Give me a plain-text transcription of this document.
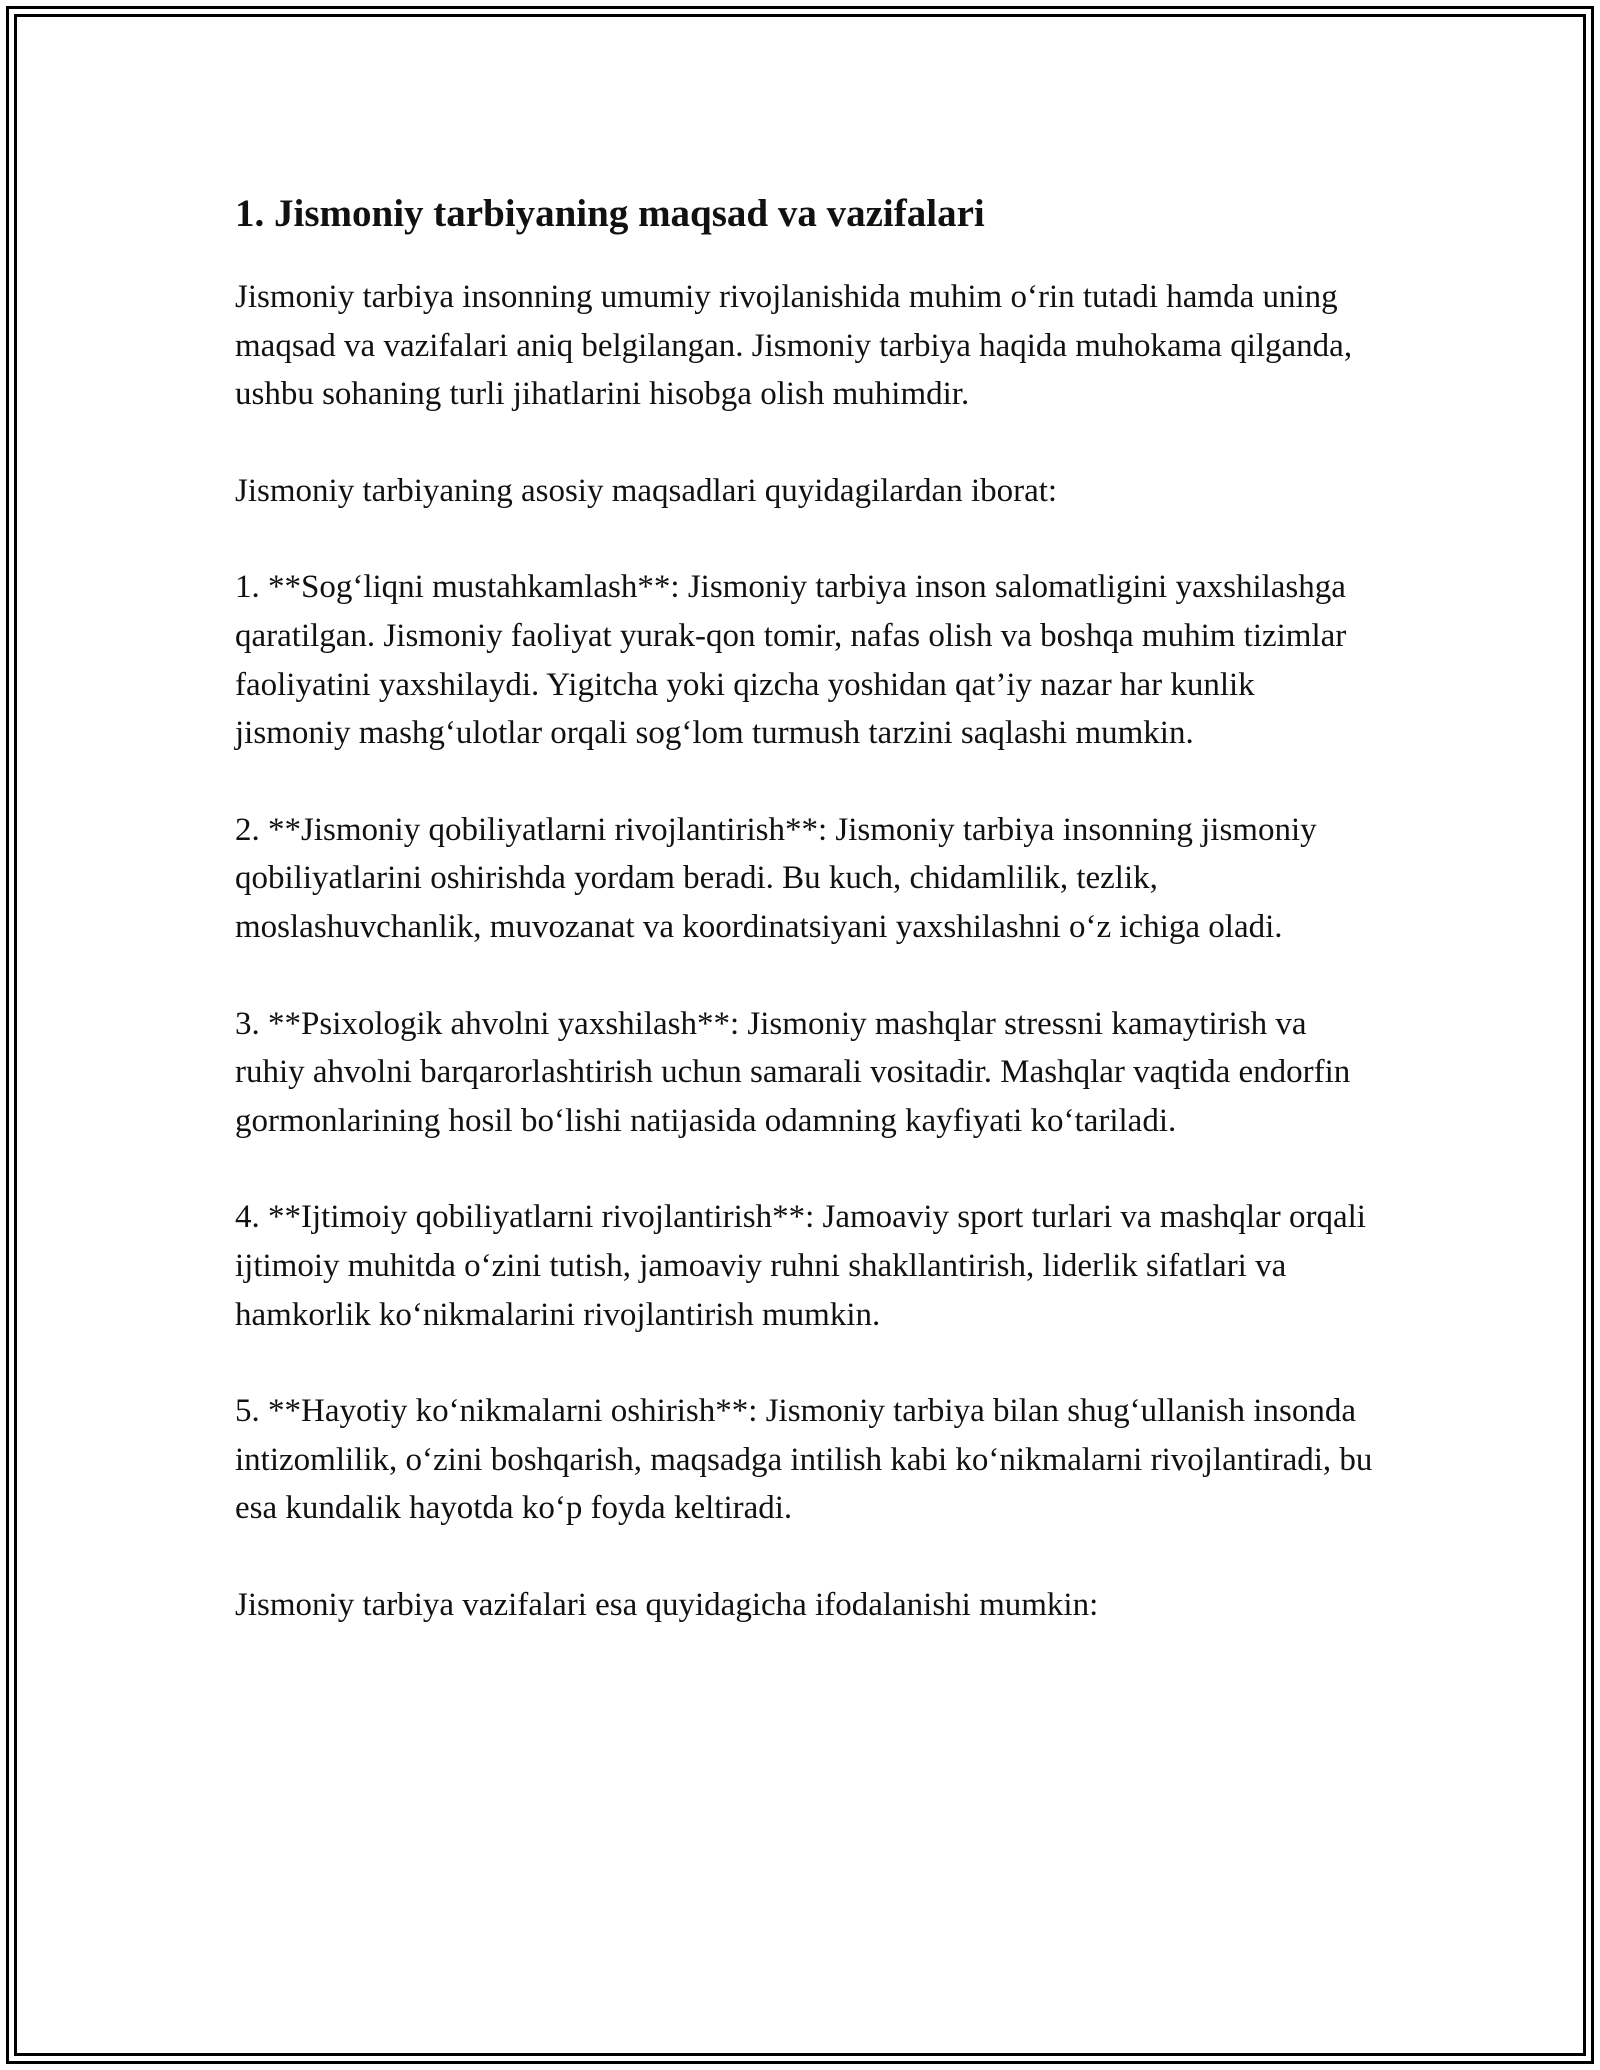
1. Jismoniy tarbiyaning maqsad va vazifalari

Jismoniy tarbiya insonning umumiy rivojlanishida muhim o‘rin tutadi hamda uning maqsad va vazifalari aniq belgilangan. Jismoniy tarbiya haqida muhokama qilganda, ushbu sohaning turli jihatlarini hisobga olish muhimdir.

Jismoniy tarbiyaning asosiy maqsadlari quyidagilardan iborat:

1. **Sog‘liqni mustahkamlash**: Jismoniy tarbiya inson salomatligini yaxshilashga qaratilgan. Jismoniy faoliyat yurak-qon tomir, nafas olish va boshqa muhim tizimlar faoliyatini yaxshilaydi. Yigitcha yoki qizcha yoshidan qat’iy nazar har kunlik jismoniy mashg‘ulotlar orqali sog‘lom turmush tarzini saqlashi mumkin.

2. **Jismoniy qobiliyatlarni rivojlantirish**: Jismoniy tarbiya insonning jismoniy qobiliyatlarini oshirishda yordam beradi. Bu kuch, chidamlilik, tezlik, moslashuvchanlik, muvozanat va koordinatsiyani yaxshilashni o‘z ichiga oladi.

3. **Psixologik ahvolni yaxshilash**: Jismoniy mashqlar stressni kamaytirish va ruhiy ahvolni barqarorlashtirish uchun samarali vositadir. Mashqlar vaqtida endorfin gormonlarining hosil bo‘lishi natijasida odamning kayfiyati ko‘tariladi.

4. **Ijtimoiy qobiliyatlarni rivojlantirish**: Jamoaviy sport turlari va mashqlar orqali ijtimoiy muhitda o‘zini tutish, jamoaviy ruhni shakllantirish, liderlik sifatlari va hamkorlik ko‘nikmalarini rivojlantirish mumkin.

5. **Hayotiy ko‘nikmalarni oshirish**: Jismoniy tarbiya bilan shug‘ullanish insonda intizomlilik, o‘zini boshqarish, maqsadga intilish kabi ko‘nikmalarni rivojlantiradi, bu esa kundalik hayotda ko‘p foyda keltiradi.

Jismoniy tarbiya vazifalari esa quyidagicha ifodalanishi mumkin:
